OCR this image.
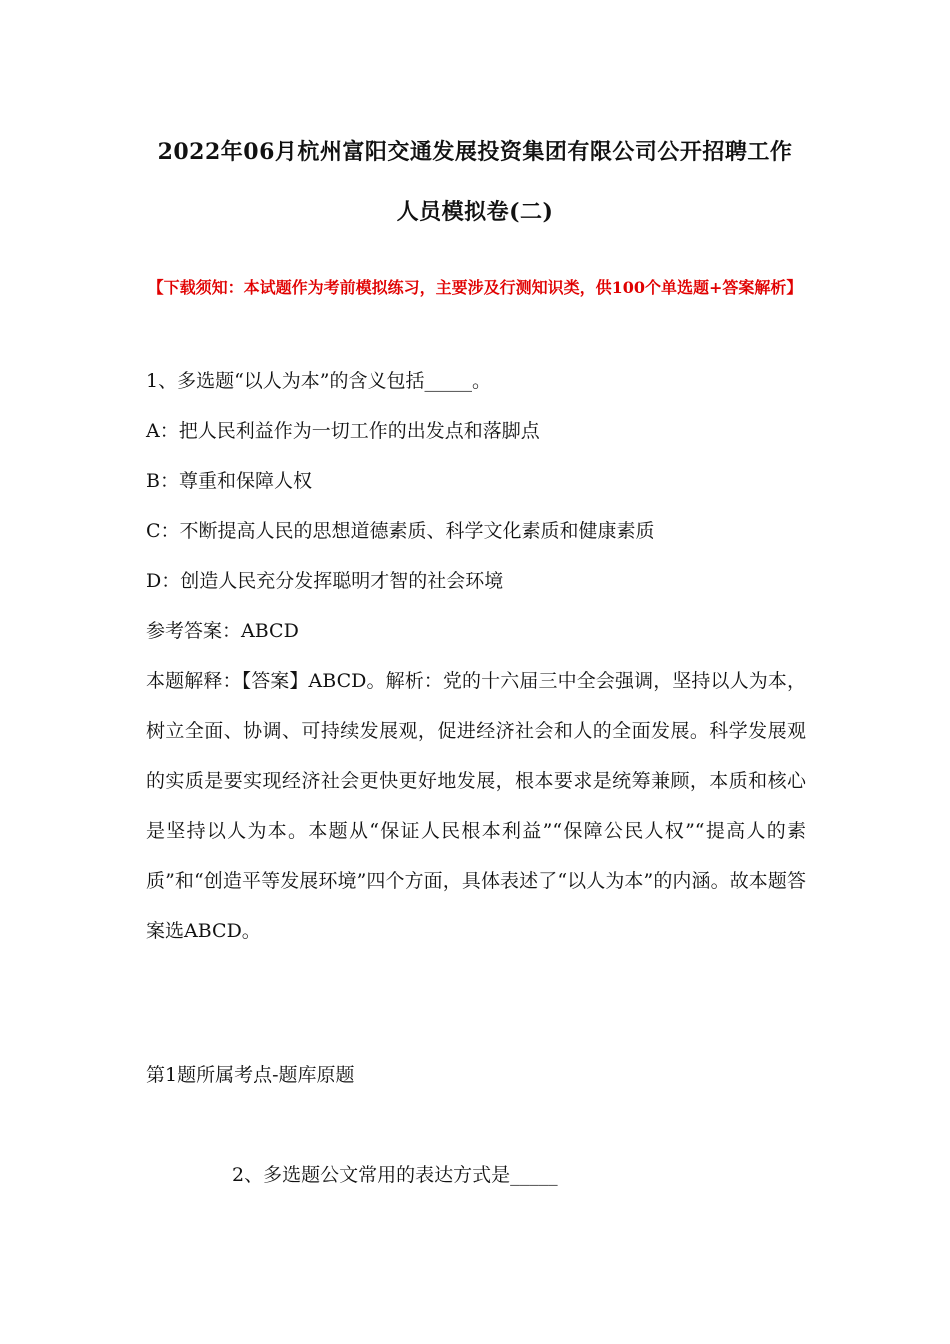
2022年06月杭州富阳交通发展投资集团有限公司公开招聘工作
人员模拟卷(二)
【下载须知：本试题作为考前模拟练习，主要涉及行测知识类，供100个单选题+答案解析】
1、多选题“以人为本”的含义包括_____。
A：把人民利益作为一切工作的出发点和落脚点
B：尊重和保障人权
C：不断提高人民的思想道德素质、科学文化素质和健康素质
D：创造人民充分发挥聪明才智的社会环境
参考答案：ABCD
本题解释：【答案】ABCD。解析：党的十六届三中全会强调，坚持以人为本，树立全面、协调、可持续发展观，促进经济社会和人的全面发展。科学发展观的实质是要实现经济社会更快更好地发展，根本要求是统筹兼顾，本质和核心是坚持以人为本。本题从“保证人民根本利益”“保障公民人权”“提高人的素质”和“创造平等发展环境”四个方面，具体表述了“以人为本”的内涵。故本题答案选ABCD。
第1题所属考点-题库原题
2、多选题公文常用的表达方式是_____
